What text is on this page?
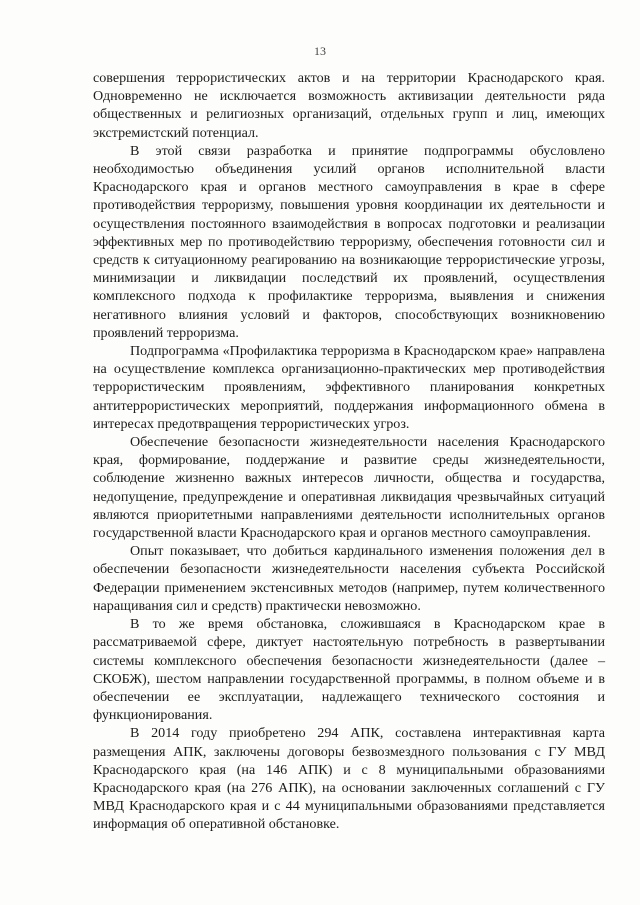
13

совершения террористических актов и на территории Краснодарского края. Одновременно не исключается возможность активизации деятельности ряда общественных и религиозных организаций, отдельных групп и лиц, имеющих экстремистский потенциал.

В этой связи разработка и принятие подпрограммы обусловлено необходимостью объединения усилий органов исполнительной власти Краснодарского края и органов местного самоуправления в крае в сфере противодействия терроризму, повышения уровня координации их деятельности и осуществления постоянного взаимодействия в вопросах подготовки и реализации эффективных мер по противодействию терроризму, обеспечения готовности сил и средств к ситуационному реагированию на возникающие террористические угрозы, минимизации и ликвидации последствий их проявлений, осуществления комплексного подхода к профилактике терроризма, выявления и снижения негативного влияния условий и факторов, способствующих возникновению проявлений терроризма.

Подпрограмма «Профилактика терроризма в Краснодарском крае» направлена на осуществление комплекса организационно-практических мер противодействия террористическим проявлениям, эффективного планирования конкретных антитеррористических мероприятий, поддержания информационного обмена в интересах предотвращения террористических угроз.

Обеспечение безопасности жизнедеятельности населения Краснодарского края, формирование, поддержание и развитие среды жизнедеятельности, соблюдение жизненно важных интересов личности, общества и государства, недопущение, предупреждение и оперативная ликвидация чрезвычайных ситуаций являются приоритетными направлениями деятельности исполнительных органов государственной власти Краснодарского края и органов местного самоуправления.

Опыт показывает, что добиться кардинального изменения положения дел в обеспечении безопасности жизнедеятельности населения субъекта Российской Федерации применением экстенсивных методов (например, путем количественного наращивания сил и средств) практически невозможно.

В то же время обстановка, сложившаяся в Краснодарском крае в рассматриваемой сфере, диктует настоятельную потребность в развертывании системы комплексного обеспечения безопасности жизнедеятельности (далее – СКОБЖ), шестом направлении государственной программы, в полном объеме и в обеспечении ее эксплуатации, надлежащего технического состояния и функционирования.

В 2014 году приобретено 294 АПК, составлена интерактивная карта размещения АПК, заключены договоры безвозмездного пользования с ГУ МВД Краснодарского края (на 146 АПК) и с 8 муниципальными образованиями Краснодарского края (на 276 АПК), на основании заключенных соглашений с ГУ МВД Краснодарского края и с 44 муниципальными образованиями представляется информация об оперативной обстановке.
